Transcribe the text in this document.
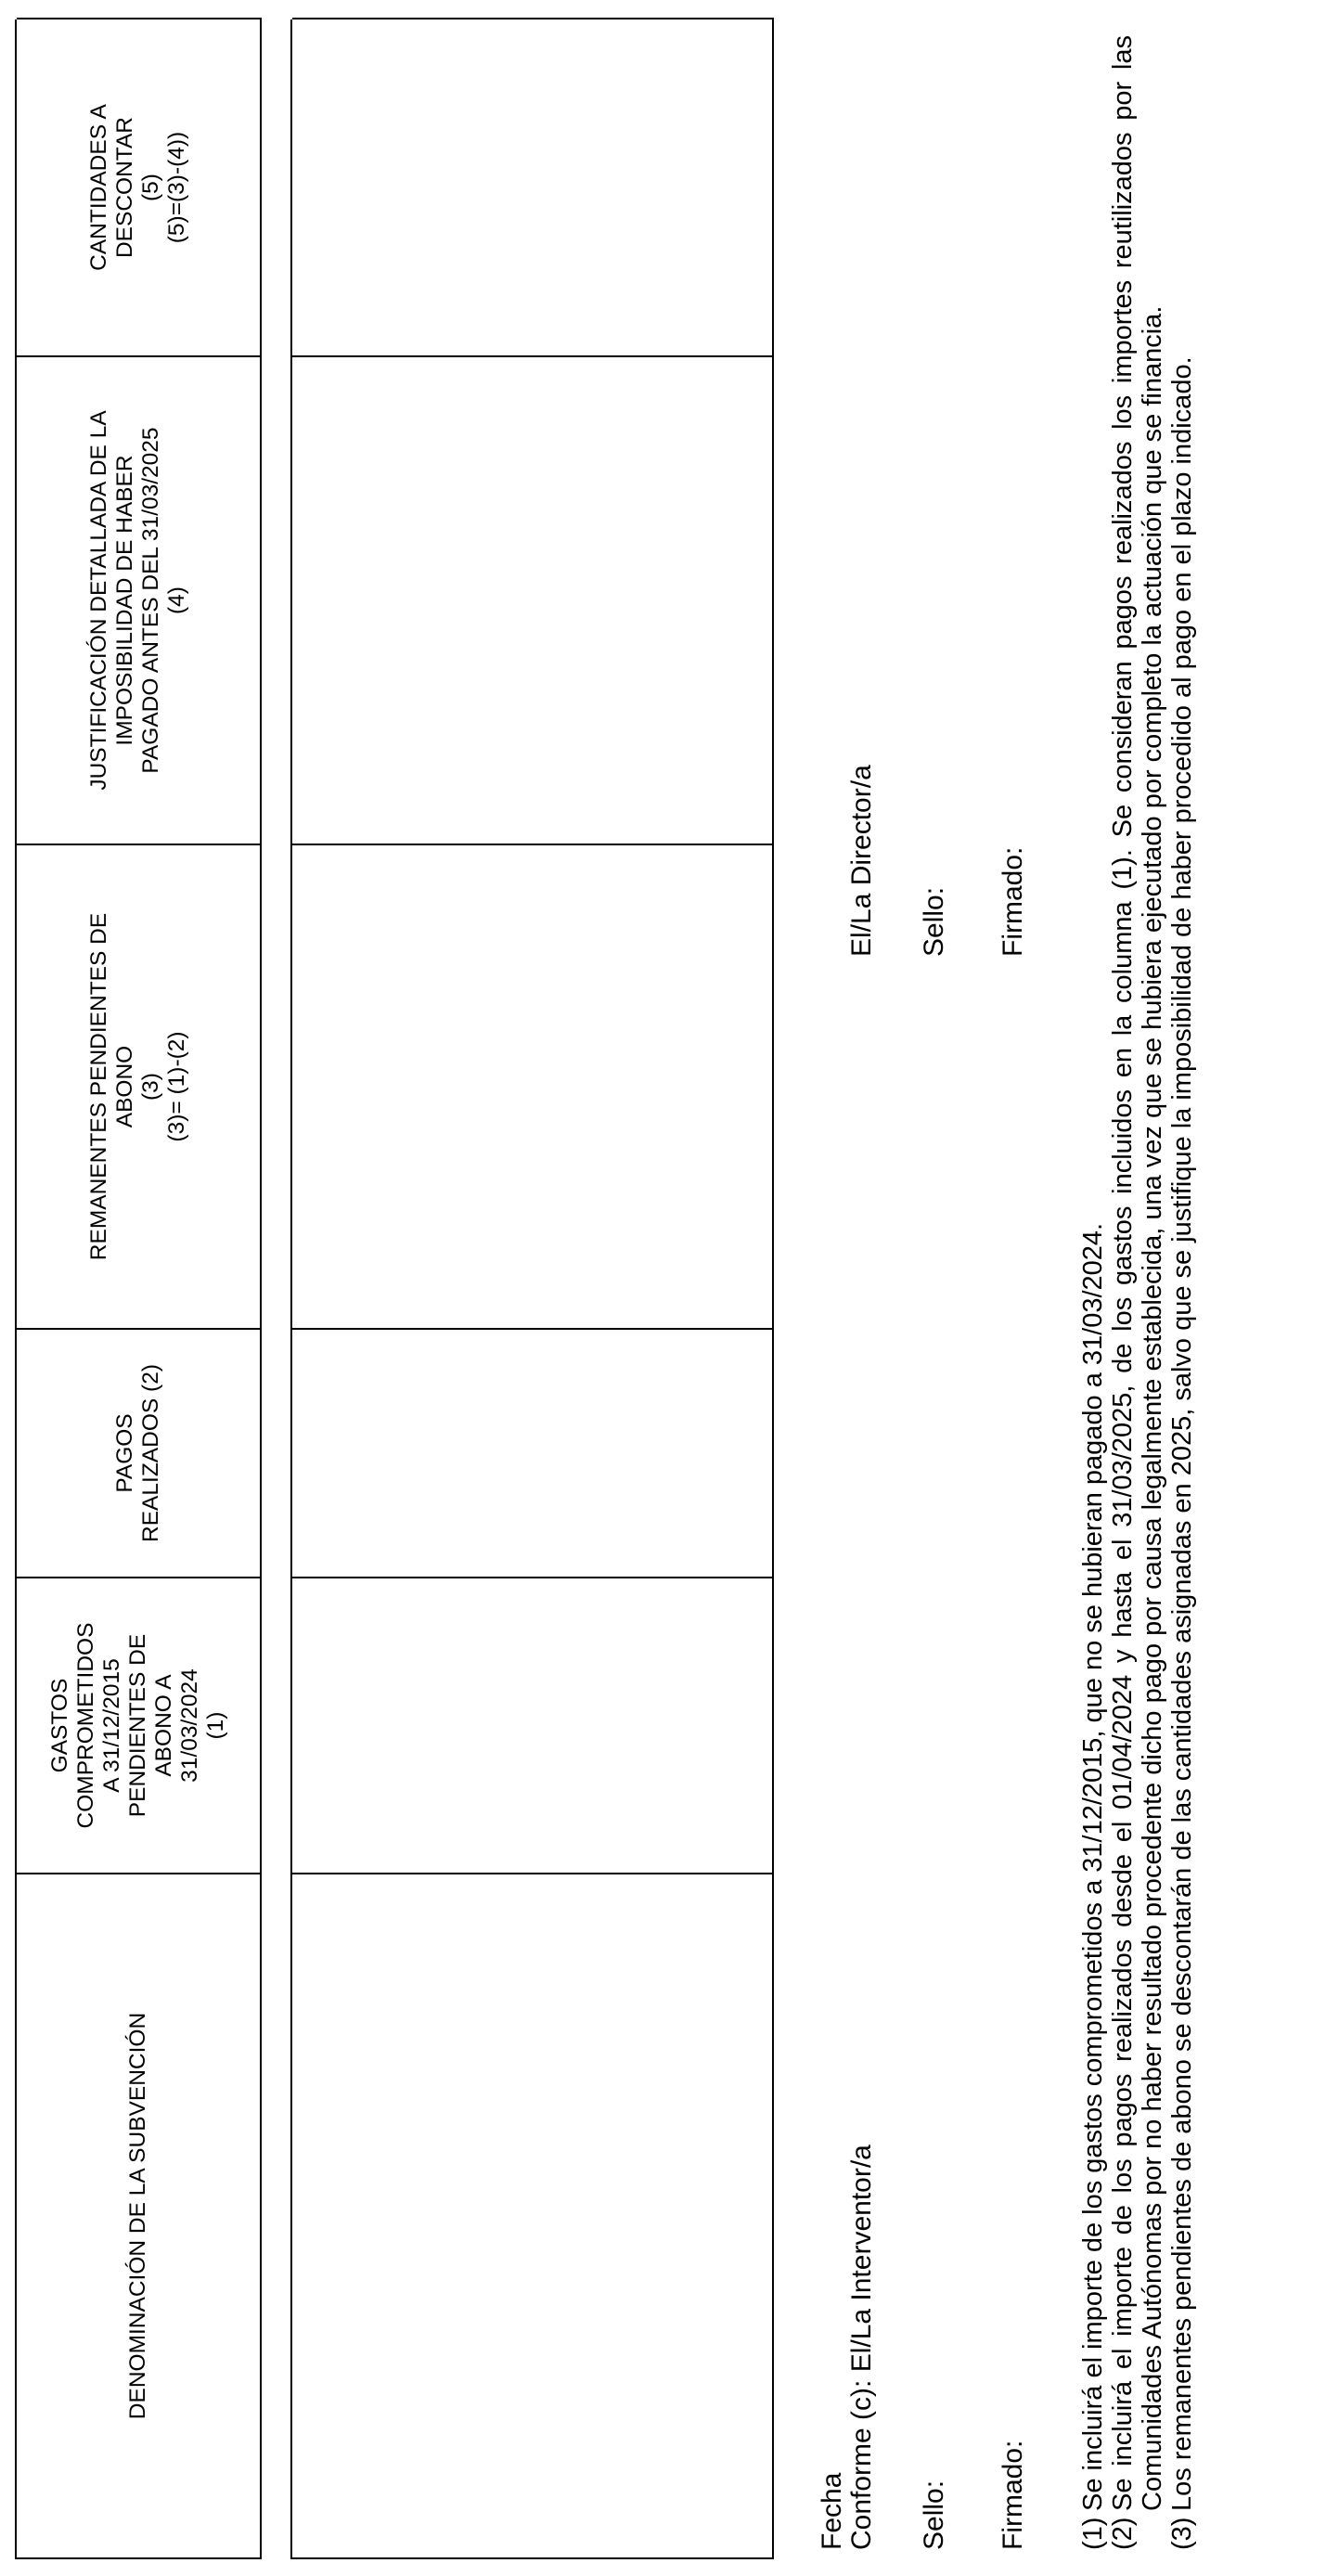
DENOMINACIÓN DE LA SUBVENCIÓN
GASTOS COMPROMETIDOS A 31/12/2015 PENDIENTES DE ABONO A 31/03/2024 (1)
PAGOS REALIZADOS (2)
REMANENTES PENDIENTES DE ABONO (3) (3)= (1)-(2)
JUSTIFICACIÓN DETALLADA DE LA IMPOSIBILIDAD DE HABER PAGADO ANTES DEL 31/03/2025 (4)
CANTIDADES A DESCONTAR (5) (5)=(3)-(4))
Fecha Conforme (c): El/La Interventor/a Sello: Firmado:
El/La Director/a Sello: Firmado:
(1)
Se incluirá el importe de los gastos comprometidos a 31/12/2015, que no se hubieran pagado a 31/03/2024.
(2)
Se incluirá el importe de los pagos realizados desde el 01/04/2024 y hasta el 31/03/2025, de los gastos incluidos en la columna (1). Se consideran pagos realizados los importes reutilizados por las Comunidades Autónomas por no haber resultado procedente dicho pago por causa legalmente establecida, una vez que se hubiera ejecutado por completo la actuación que se financia.
(3)
Los remanentes pendientes de abono se descontarán de las cantidades asignadas en 2025, salvo que se justifique la imposibilidad de haber procedido al pago en el plazo indicado.
